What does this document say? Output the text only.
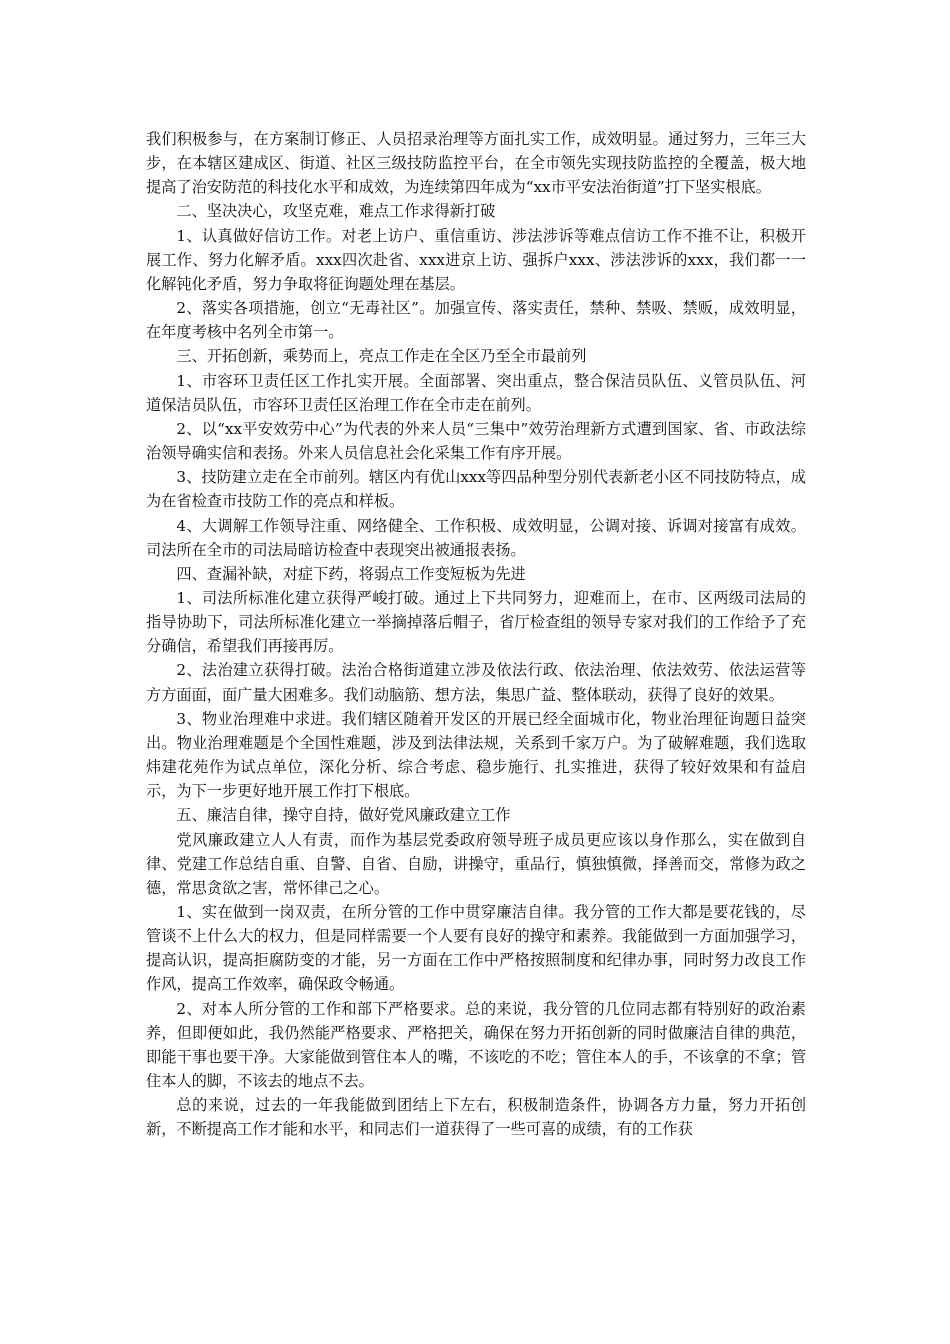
我们积极参与，在方案制订修正、人员招录治理等方面扎实工作，成效明显。通过努力，三年三大步，在本辖区建成区、街道、社区三级技防监控平台，在全市领先实现技防监控的全覆盖，极大地提高了治安防范的科技化水平和成效，为连续第四年成为“xx市平安法治街道”打下坚实根底。

二、坚决决心，攻坚克难，难点工作求得新打破

1、认真做好信访工作。对老上访户、重信重访、涉法涉诉等难点信访工作不推不让，积极开展工作、努力化解矛盾。xxx四次赴省、xxx进京上访、强拆户xxx、涉法涉诉的xxx，我们都一一化解钝化矛盾，努力争取将征询题处理在基层。

2、落实各项措施，创立“无毒社区”。加强宣传、落实责任，禁种、禁吸、禁贩，成效明显，在年度考核中名列全市第一。

三、开拓创新，乘势而上，亮点工作走在全区乃至全市最前列

1、市容环卫责任区工作扎实开展。全面部署、突出重点，整合保洁员队伍、义管员队伍、河道保洁员队伍，市容环卫责任区治理工作在全市走在前列。

2、以“xx平安效劳中心”为代表的外来人员“三集中”效劳治理新方式遭到国家、省、市政法综治领导确实信和表扬。外来人员信息社会化采集工作有序开展。

3、技防建立走在全市前列。辖区内有优山xxx等四品种型分别代表新老小区不同技防特点，成为在省检查市技防工作的亮点和样板。

4、大调解工作领导注重、网络健全、工作积极、成效明显，公调对接、诉调对接富有成效。司法所在全市的司法局暗访检查中表现突出被通报表扬。

四、查漏补缺，对症下药，将弱点工作变短板为先进

1、司法所标准化建立获得严峻打破。通过上下共同努力，迎难而上，在市、区两级司法局的指导协助下，司法所标准化建立一举摘掉落后帽子，省厅检查组的领导专家对我们的工作给予了充分确信，希望我们再接再厉。

2、法治建立获得打破。法治合格街道建立涉及依法行政、依法治理、依法效劳、依法运营等方方面面，面广量大困难多。我们动脑筋、想方法，集思广益、整体联动，获得了良好的效果。

3、物业治理难中求进。我们辖区随着开发区的开展已经全面城市化，物业治理征询题日益突出。物业治理难题是个全国性难题，涉及到法律法规，关系到千家万户。为了破解难题，我们选取炜建花苑作为试点单位，深化分析、综合考虑、稳步施行、扎实推进，获得了较好效果和有益启示，为下一步更好地开展工作打下根底。

五、廉洁自律，操守自持，做好党风廉政建立工作

党风廉政建立人人有责，而作为基层党委政府领导班子成员更应该以身作那么，实在做到自律、党建工作总结自重、自警、自省、自励，讲操守，重品行，慎独慎微，择善而交，常修为政之德，常思贪欲之害，常怀律己之心。

1、实在做到一岗双责，在所分管的工作中贯穿廉洁自律。我分管的工作大都是要花钱的，尽管谈不上什么大的权力，但是同样需要一个人要有良好的操守和素养。我能做到一方面加强学习，提高认识，提高拒腐防变的才能，另一方面在工作中严格按照制度和纪律办事，同时努力改良工作作风，提高工作效率，确保政令畅通。

2、对本人所分管的工作和部下严格要求。总的来说，我分管的几位同志都有特别好的政治素养，但即便如此，我仍然能严格要求、严格把关，确保在努力开拓创新的同时做廉洁自律的典范，即能干事也要干净。大家能做到管住本人的嘴，不该吃的不吃；管住本人的手，不该拿的不拿；管住本人的脚，不该去的地点不去。

总的来说，过去的一年我能做到团结上下左右，积极制造条件，协调各方力量，努力开拓创新，不断提高工作才能和水平，和同志们一道获得了一些可喜的成绩，有的工作获
